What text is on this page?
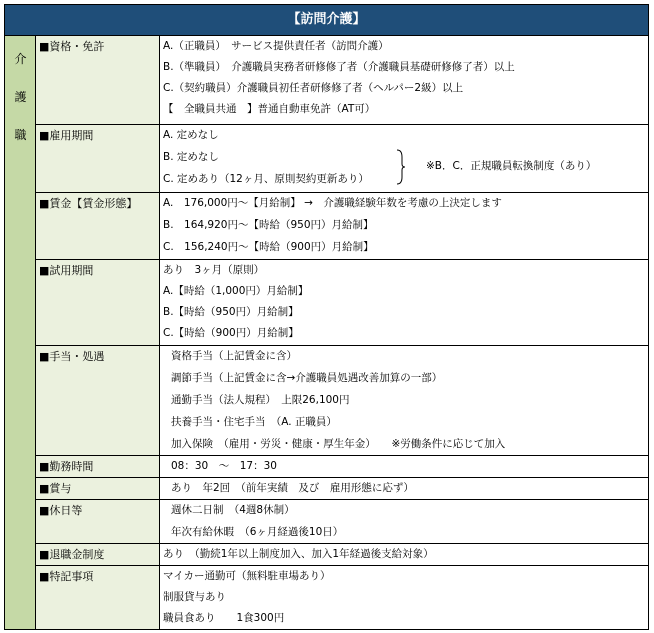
【訪問介護】
介
護
職
■資格・免許	A.（正職員）　サービス提供責任者（訪問介護）
B.（準職員）　介護職員実務者研修修了者（介護職員基礎研修修了者）以上
C.（契約職員）介護職員初任者研修修了者（ヘルパー2級）以上
【　全職員共通　】普通自動車免許（AT可）
■雇用期間	A. 定めなし
B. 定めなし
C. 定めあり（12ヶ月、原則契約更新あり）
※B．C．正規職員転換制度（あり）
■賃金【賃金形態】	A.　176,000円～【月給制】 →　介護職経験年数を考慮の上決定します
B.　164,920円～【時給（950円）月給制】
C.　156,240円～【時給（900円）月給制】
■試用期間	あり　3ヶ月（原則）
A.【時給（1,000円）月給制】
B.【時給（950円）月給制】
C.【時給（900円）月給制】
■手当・処遇	資格手当（上記賃金に含）
調節手当（上記賃金に含→介護職員処遇改善加算の一部）
通勤手当（法人規程）　上限26,100円
扶養手当・住宅手当　（A. 正職員）
加入保険　（雇用・労災・健康・厚生年金）　　※労働条件に応じて加入
■勤務時間	08：30　～　17：30
■賞与	あり　年2回　（前年実績　及び　雇用形態に応ず）
■休日等	週休二日制　（4週8休制）
年次有給休暇　（6ヶ月経過後10日）
■退職金制度	あり　（勤続1年以上制度加入、加入1年経過後支給対象）
■特記事項	マイカー通勤可（無料駐車場あり）
制服貸与あり
職員食あり　　1食300円
